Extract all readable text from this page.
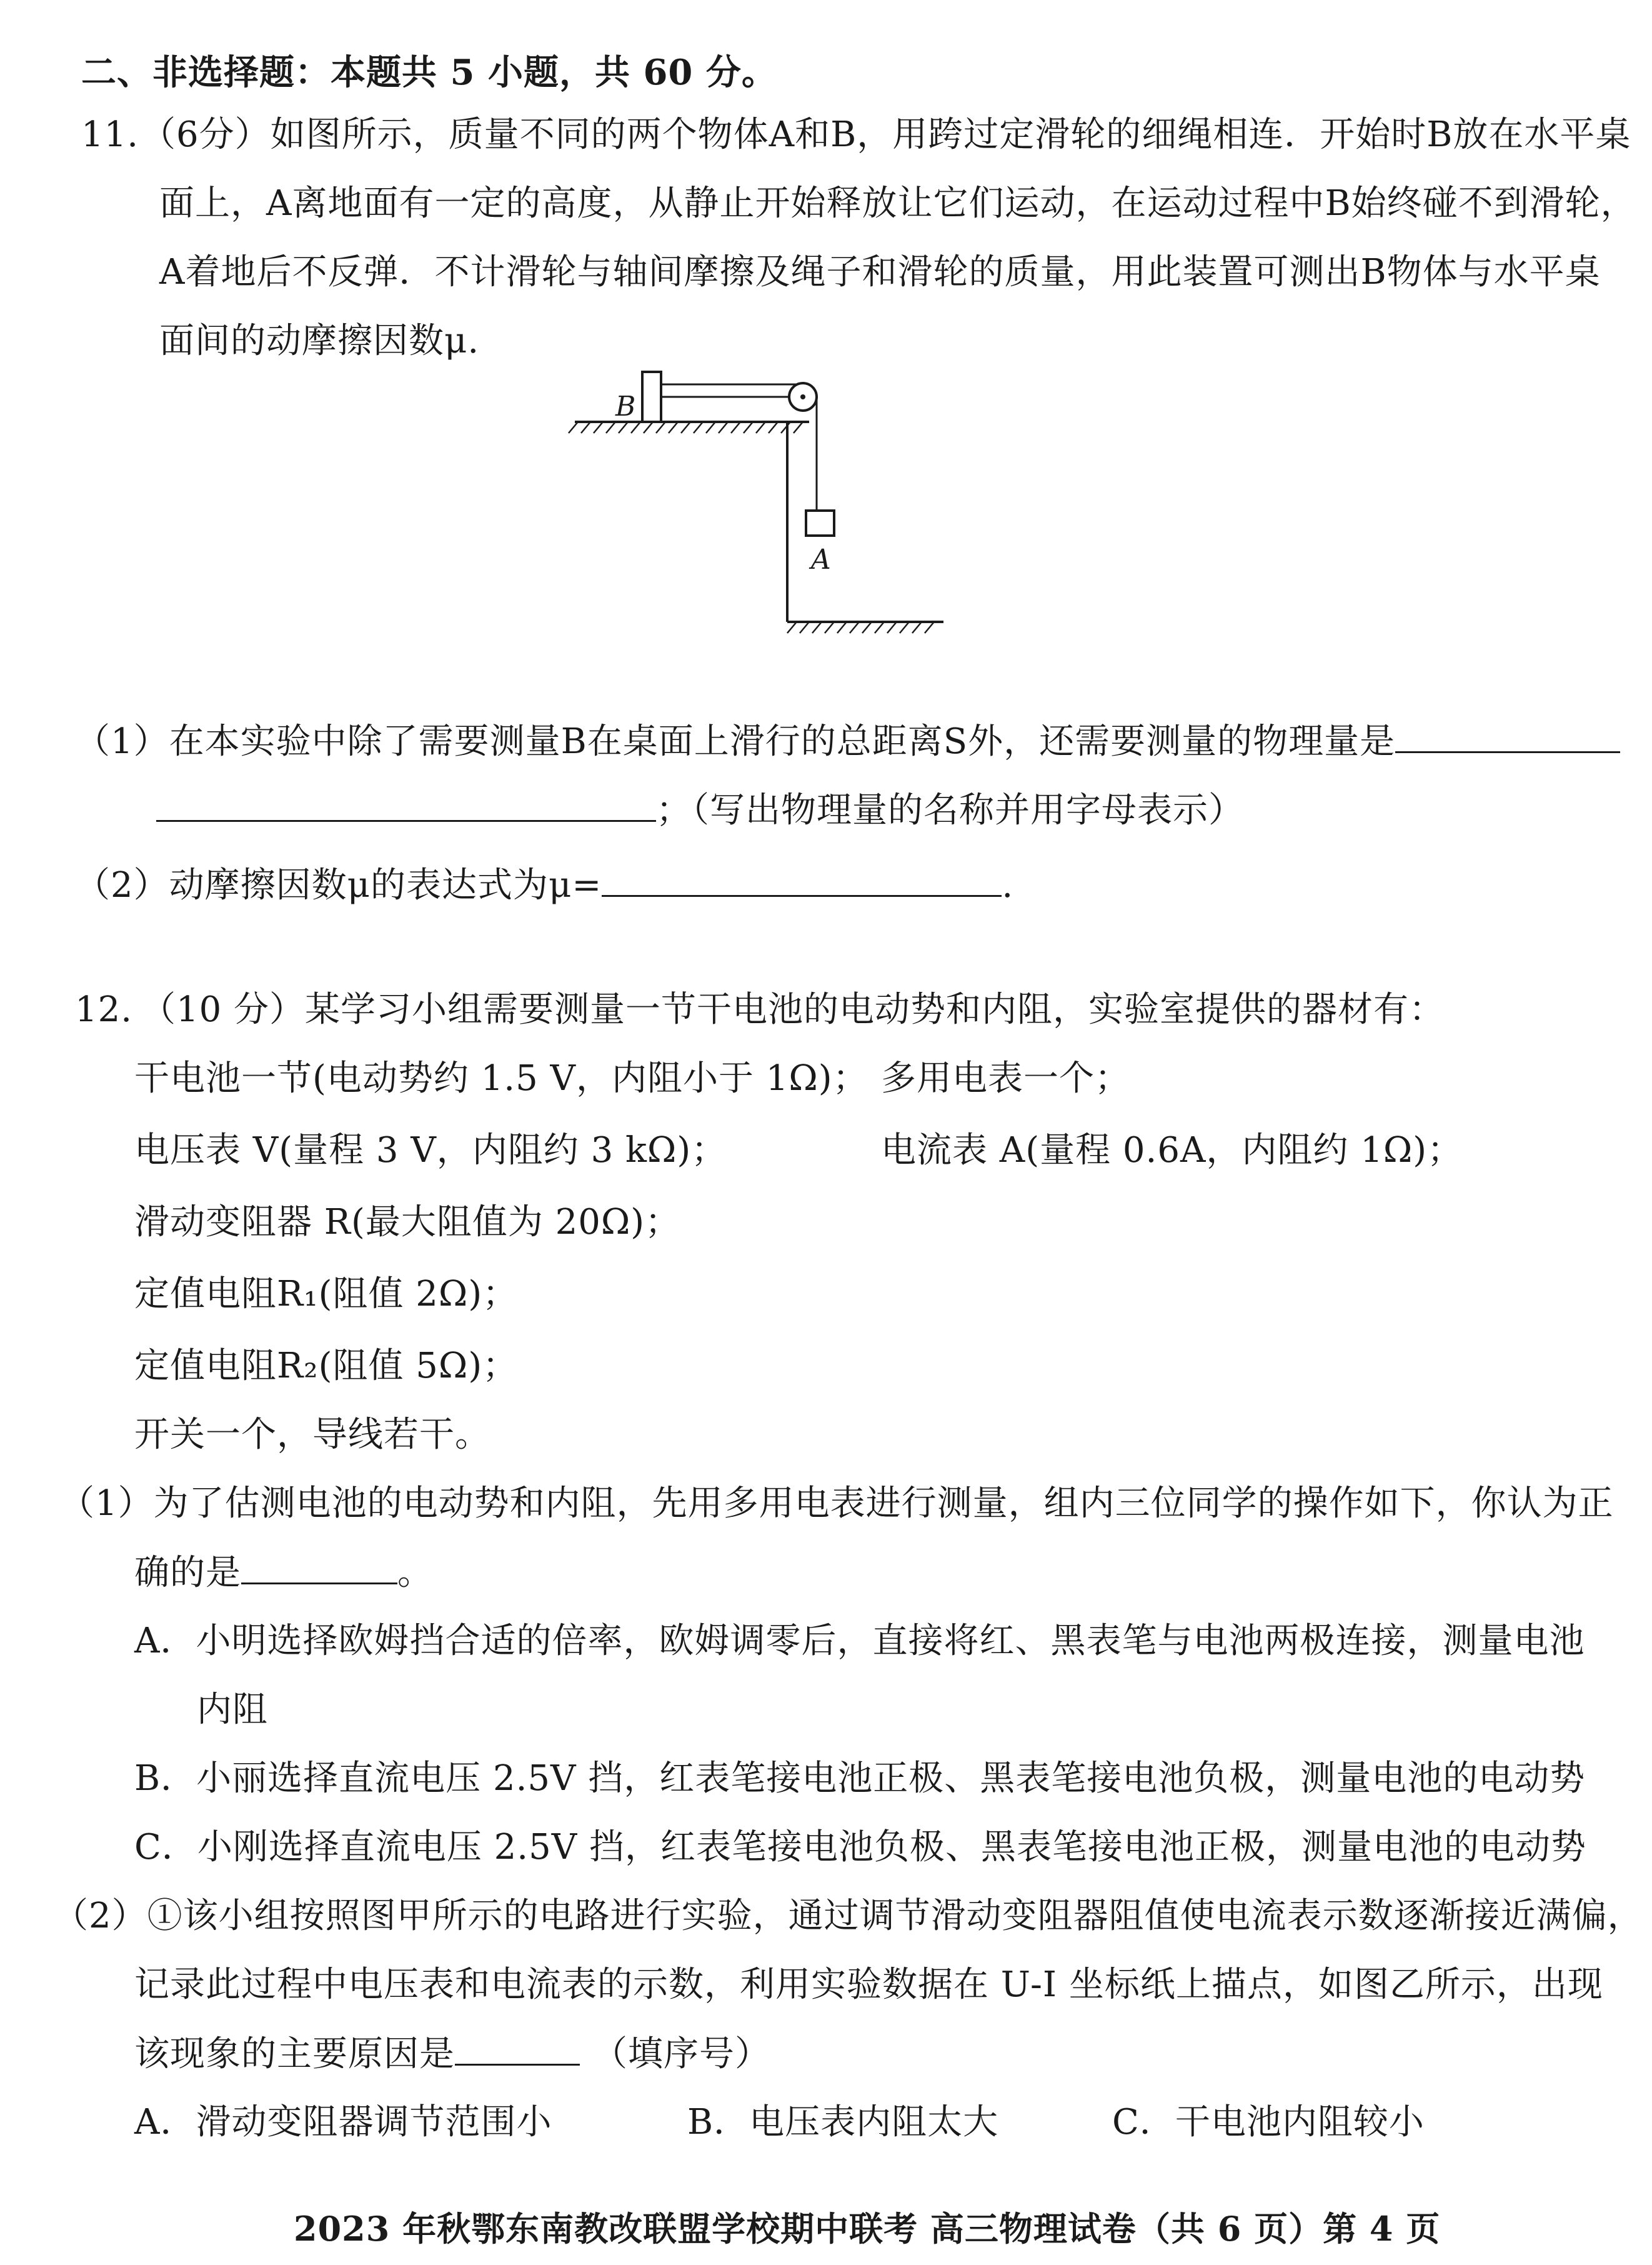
二、非选择题：本题共 5 小题，共 60 分。
11. （6分）如图所示，质量不同的两个物体A和B，用跨过定滑轮的细绳相连．开始时B放在水平桌
面上，A离地面有一定的高度，从静止开始释放让它们运动，在运动过程中B始终碰不到滑轮，
A着地后不反弹．不计滑轮与轴间摩擦及绳子和滑轮的质量，用此装置可测出B物体与水平桌
面间的动摩擦因数μ.
B
A
（1）在本实验中除了需要测量B在桌面上滑行的总距离S外，还需要测量的物理量是
；（写出物理量的名称并用字母表示）
（2）动摩擦因数μ的表达式为μ=	.
12. （10 分）某学习小组需要测量一节干电池的电动势和内阻，实验室提供的器材有：
干电池一节(电动势约 1.5 V，内阻小于 1Ω)； 多用电表一个；
电压表 V(量程 3 V，内阻约 3 kΩ)；	电流表 A(量程 0.6A，内阻约 1Ω)；
滑动变阻器 R(最大阻值为 20Ω)；
定值电阻R₁(阻值 2Ω)；
定值电阻R₂(阻值 5Ω)；
开关一个，导线若干。
（1）为了估测电池的电动势和内阻，先用多用电表进行测量，组内三位同学的操作如下，你认为正
确的是	。
A．小明选择欧姆挡合适的倍率，欧姆调零后，直接将红、黑表笔与电池两极连接，测量电池
内阻
B．小丽选择直流电压 2.5V 挡，红表笔接电池正极、黑表笔接电池负极，测量电池的电动势
C．小刚选择直流电压 2.5V 挡，红表笔接电池负极、黑表笔接电池正极，测量电池的电动势
（2）①该小组按照图甲所示的电路进行实验，通过调节滑动变阻器阻值使电流表示数逐渐接近满偏，
记录此过程中电压表和电流表的示数，利用实验数据在 U-I 坐标纸上描点，如图乙所示，出现
该现象的主要原因是	（填序号）
A．滑动变阻器调节范围小	B．电压表内阻太大	C．干电池内阻较小
2023 年秋鄂东南教改联盟学校期中联考 高三物理试卷（共 6 页）第 4 页
